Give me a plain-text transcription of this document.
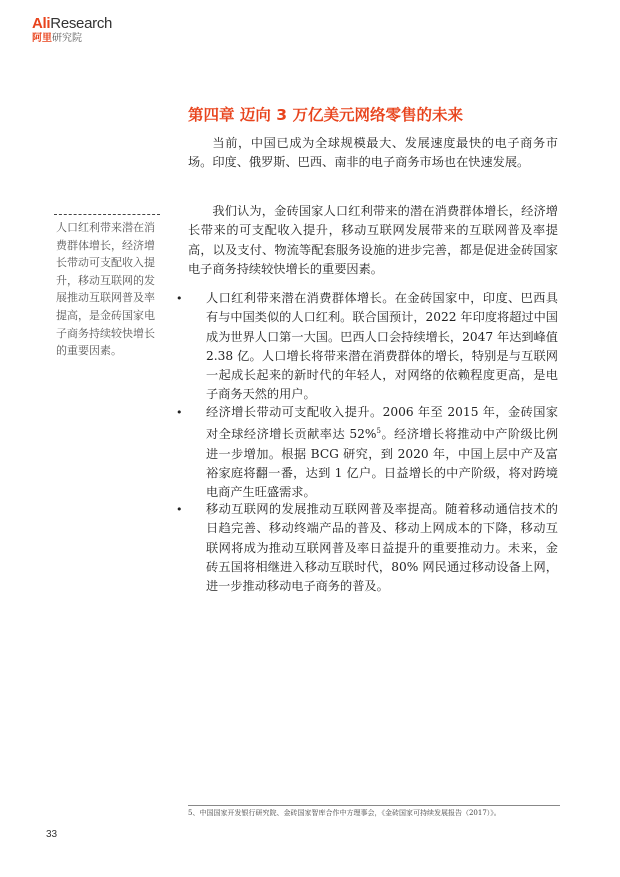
AliResearch
阿里研究院
第四章 迈向 3 万亿美元网络零售的未来
当前，中国已成为全球规模最大、发展速度最快的电子商务市场。印度、俄罗斯、巴西、南非的电子商务市场也在快速发展。
我们认为，金砖国家人口红利带来的潜在消费群体增长，经济增长带来的可支配收入提升，移动互联网发展带来的互联网普及率提高，以及支付、物流等配套服务设施的进步完善，都是促进金砖国家电子商务持续较快增长的重要因素。
人口红利带来潜在消费群体增长，经济增长带动可支配收入提升，移动互联网的发展推动互联网普及率提高，是金砖国家电子商务持续较快增长的重要因素。
• 人口红利带来潜在消费群体增长。在金砖国家中，印度、巴西具有与中国类似的人口红利。联合国预计，2022 年印度将超过中国成为世界人口第一大国。巴西人口会持续增长，2047 年达到峰值 2.38 亿。人口增长将带来潜在消费群体的增长，特别是与互联网一起成长起来的新时代的年轻人，对网络的依赖程度更高，是电子商务天然的用户。
• 经济增长带动可支配收入提升。2006 年至 2015 年，金砖国家对全球经济增长贡献率达 52%$^5$。经济增长将推动中产阶级比例进一步增加。根据 BCG 研究，到 2020 年，中国上层中产及富裕家庭将翻一番，达到 1 亿户。日益增长的中产阶级，将对跨境电商产生旺盛需求。
• 移动互联网的发展推动互联网普及率提高。随着移动通信技术的日趋完善、移动终端产品的普及、移动上网成本的下降，移动互联网将成为推动互联网普及率日益提升的重要推动力。未来，金砖五国将相继进入移动互联时代，80% 网民通过移动设备上网，进一步推动移动电子商务的普及。
5、中国国家开发银行研究院、金砖国家智库合作中方理事会，《金砖国家可持续发展报告（2017）》。
33
